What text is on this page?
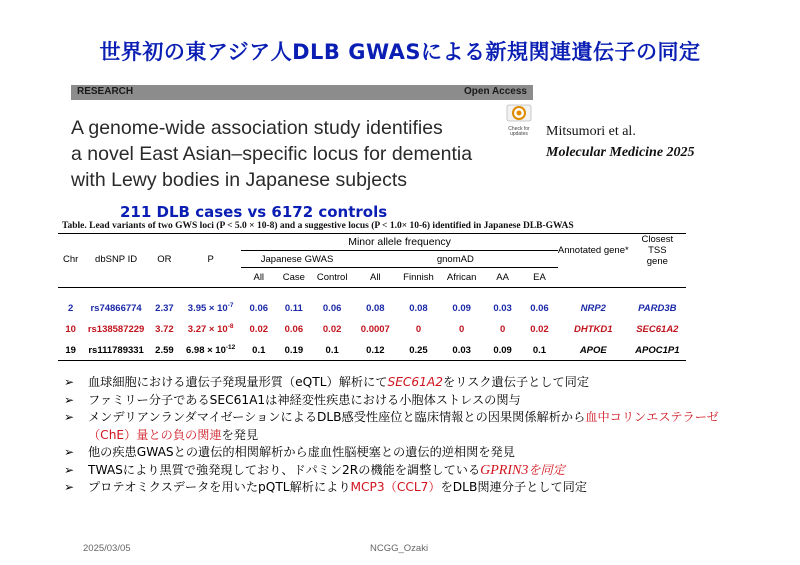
世界初の東アジア人DLB GWASによる新規関連遺伝子の同定
RESEARCH	Open Access
A genome-wide association study identifies
a novel East Asian–specific locus for dementia
with Lewy bodies in Japanese subjects
Check for updates Mitsumori et al.
Molecular Medicine 2025
211 DLB cases vs 6172 controls
Table. Lead variants of two GWS loci (P < 5.0 × 10-8) and a suggestive locus (P < 1.0× 10-6) identified in Japanese DLB-GWAS
				Minor allele frequency								Annotated gene*	Closest
TSS
gene

Chr	dbSNP ID	OR	P	Japanese GWAS			gnomAD						
				All	Case	Control	All	Finnish	African	AA	EA		

2	rs74866774	2.37	$3.95 \times 10^{-7}$	0.06	0.11	0.06	0.08	0.08	0.09	0.03	0.06	NRP2	PARD3B
10	rs138587229	3.72	$3.27 \times 10^{-8}$	0.02	0.06	0.02	0.0007	0	0	0	0.02	DHTKD1	SEC61A2
19	rs111789331	2.59	$6.98 \times 10^{-12}$	0.1	0.19	0.1	0.12	0.25	0.03	0.09	0.1	APOE	APOC1P1
➢ 血球細胞における遺伝子発現量形質（eQTL）解析にてSEC61A2をリスク遺伝子として同定
➢ ファミリー分子であるSEC61A1は神経変性疾患における小胞体ストレスの関与
➢ メンデリアンランダマイゼーションによるDLB感受性座位と臨床情報との因果関係解析から血中コリンエステラーゼ（ChE）量との負の関連を発見
➢ 他の疾患GWASとの遺伝的相関解析から虚血性脳梗塞との遺伝的逆相関を発見
➢ TWASにより黒質で強発現しており、ドパミン2Rの機能を調整しているGPRIN3を同定
➢ プロテオミクスデータを用いたpQTL解析によりMCP3（CCL7）をDLB関連分子として同定
2025/03/05	NCGG_Ozaki
